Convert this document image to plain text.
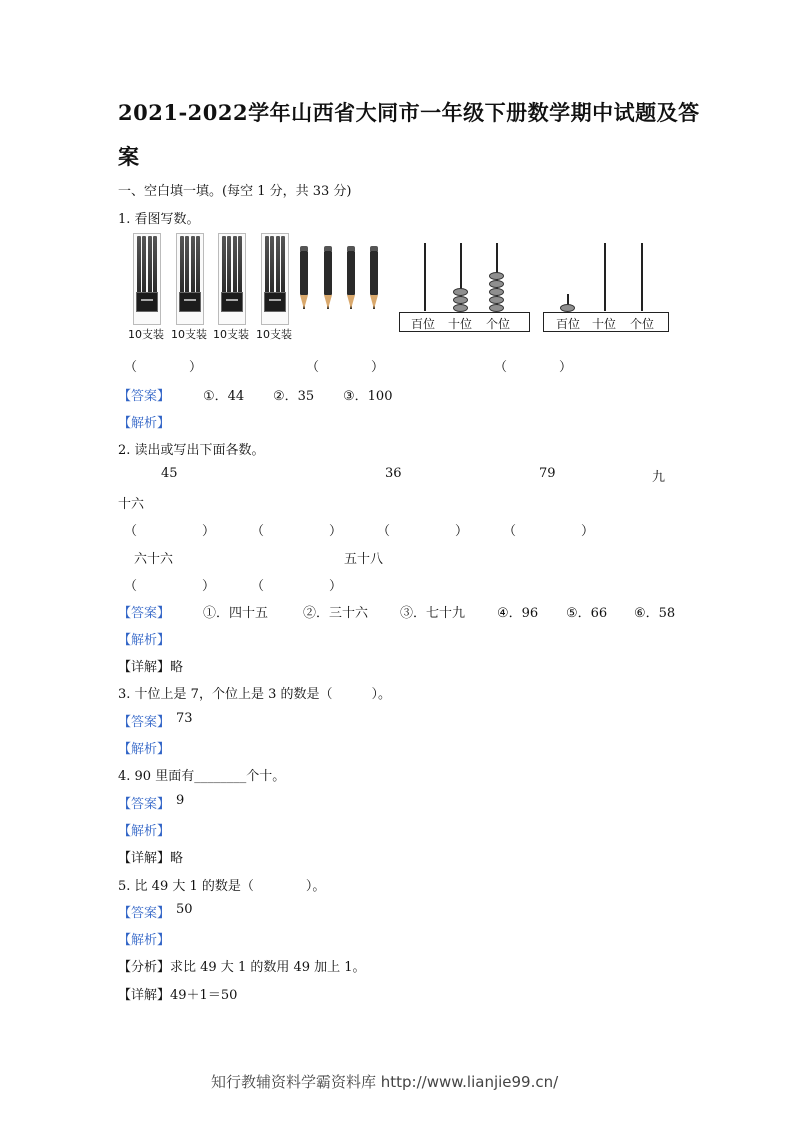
2021-2022学年山西省大同市一年级下册数学期中试题及答
案
一、空白填一填。(每空 1 分，共 33 分)
1. 看图写数。
10支装 10支装 10支装 10支装
百位 十位 个位	百位 十位 个位
（　　　　）	（　　　　）	（　　　　）
【答案】	①．44 ②．35 ③．100
【解析】
2. 读出或写出下面各数。
45	36	79	九
十六
（　　　　　）	（　　　　　）	（　　　　　）	（　　　　　）
六十六	五十八
（　　　　　）	（　　　　　）
【答案】	①．四十五	②．三十六 ③．七十九 ④．96 ⑤．66 ⑥．58
【解析】
【详解】略
3. 十位上是 7，个位上是 3 的数是（　　　）。
【答案】 73
【解析】
4. 90 里面有________个十。
【答案】 9
【解析】
【详解】略
5. 比 49 大 1 的数是（　　　　）。
【答案】 50
【解析】
【分析】求比 49 大 1 的数用 49 加上 1。
【详解】49＋1＝50
知行教辅资料学霸资料库 http://www.lianjie99.cn/
